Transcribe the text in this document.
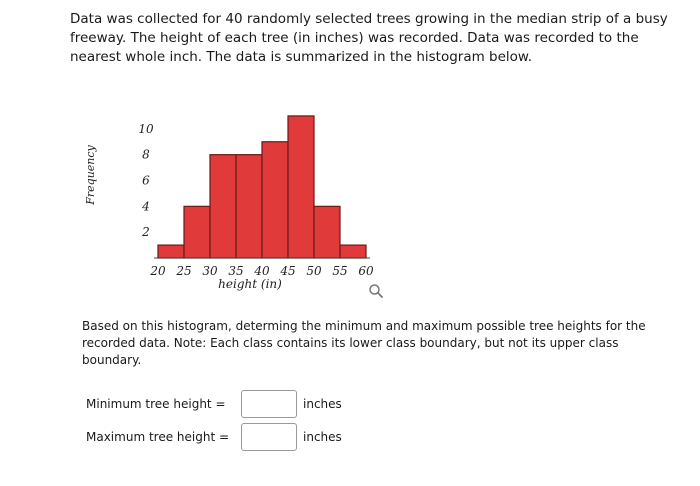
Data was collected for 40 randomly selected trees growing in the median strip of a busy freeway. The height of each tree (in inches) was recorded. Data was recorded to the nearest whole inch. The data is summarized in the histogram below.
2
4
6
8
10
20 25 30 35 40 45 50 55 60
height (in)
Frequency
Based on this histogram, determing the minimum and maximum possible tree heights for the recorded data. Note: Each class contains its lower class boundary, but not its upper class boundary.
Minimum tree height =	inches
Maximum tree height =	inches
